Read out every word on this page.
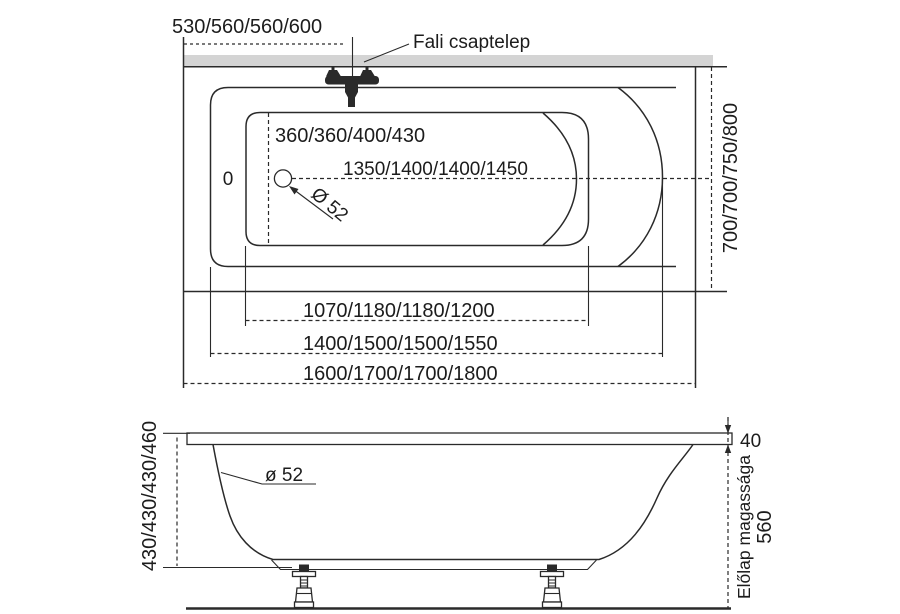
0
Ø 52
530/560/560/600
Fali csaptelep
360/360/400/430
1350/1400/1400/1450	700/700/750/800
1070/1180/1180/1200
1400/1500/1500/1550
1600/1700/1700/1800
430/430/430/460	ø 52
40
Előlap magassága 560
